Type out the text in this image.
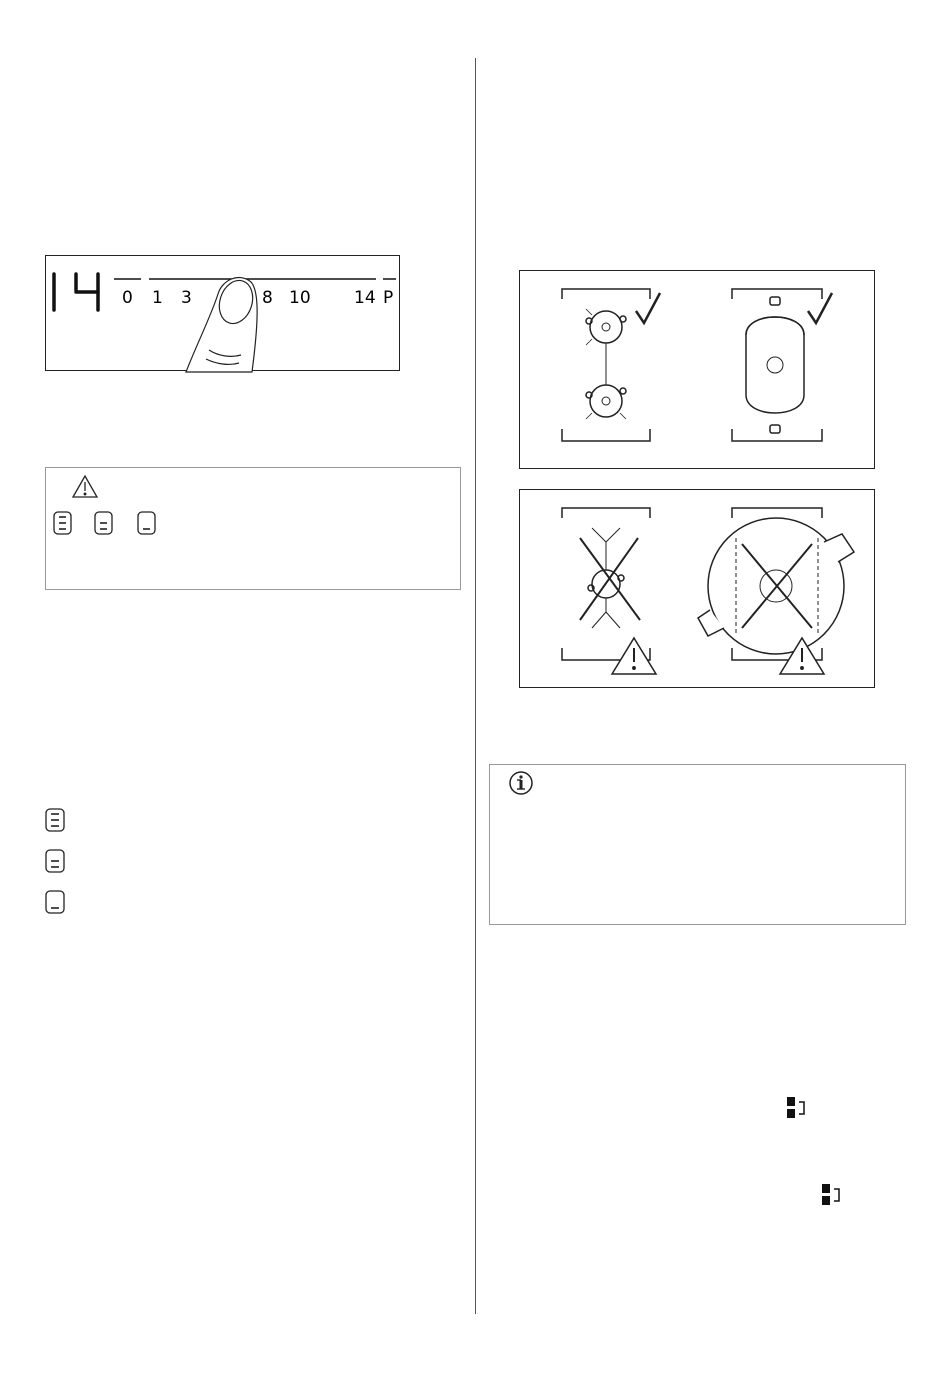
0 1 3	8 10	14 P
